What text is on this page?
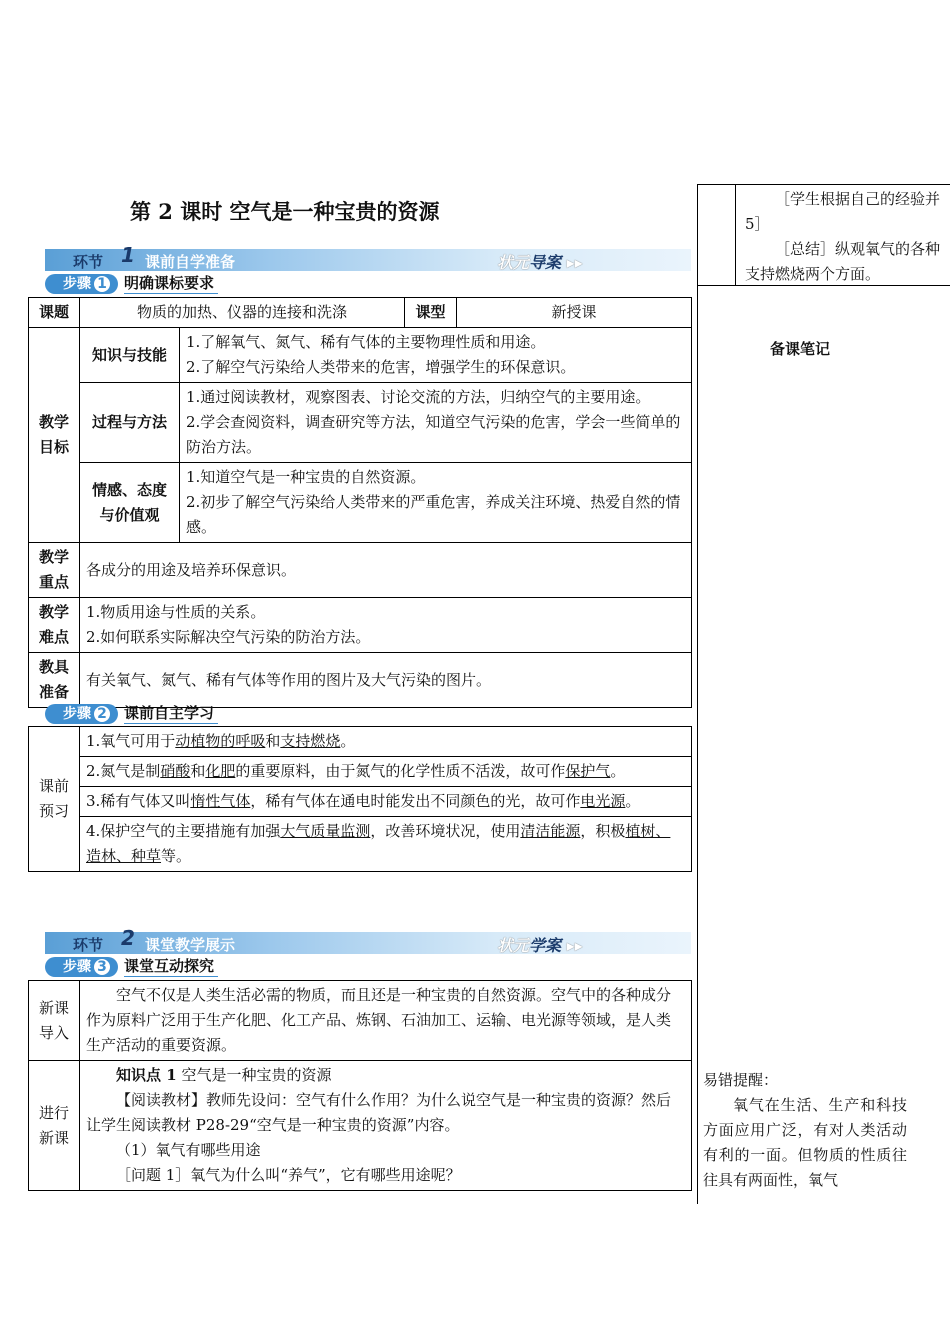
第 2 课时 空气是一种宝贵的资源
环节 1 课前自学准备	状元导案 ▸▸
步骤 1 明确课标要求
课题	物质的加热、仪器的连接和洗涤		课型	新授课
教学目标	知识与技能	1.了解氧气、氮气、稀有气体的主要物理性质和用途。
2.了解空气污染给人类带来的危害，增强学生的环保意识。		

	过程与方法	1.通过阅读教材，观察图表、讨论交流的方法，归纳空气的主要用途。
2.学会查阅资料，调查研究等方法，知道空气污染的危害，学会一些简单的防治方法。		

	情感、态度与价值观	1.知道空气是一种宝贵的自然资源。
2.初步了解空气污染给人类带来的严重危害，养成关注环境、热爱自然的情感。		

教学重点	各成分的用途及培养环保意识。			
教学难点	1.物质用途与性质的关系。
2.如何联系实际解决空气污染的防治方法。			

教具准备	有关氧气、氮气、稀有气体等作用的图片及大气污染的图片。			
步骤 2 课前自主学习
课前预习	1.氧气可用于动植物的呼吸和支持燃烧。
2.氮气是制硝酸和化肥的重要原料，由于氮气的化学性质不活泼，故可作保护气。
3.稀有气体又叫惰性气体，稀有气体在通电时能发出不同颜色的光，故可作电光源。
4.保护空气的主要措施有加强大气质量监测，改善环境状况，使用清洁能源，积极植树、造林、种草等。
环节 2 课堂教学展示	状元学案 ▸▸
步骤 3 课堂互动探究
新课导入	空气不仅是人类生活必需的物质，而且还是一种宝贵的自然资源。空气中的各种成分作为原料广泛用于生产化肥、化工产品、炼钢、石油加工、运输、电光源等领域，是人类生产活动的重要资源。
进行新课	知识点 1 空气是一种宝贵的资源
【阅读教材】教师先设问：空气有什么作用？为什么说空气是一种宝贵的资源？然后让学生阅读教材 P28-29“空气是一种宝贵的资源”内容。
（1）氧气有哪些用途
［问题 1］氧气为什么叫“养气”，它有哪些用途呢？
［学生根据自己的经验并
5］
［总结］纵观氧气的各种
支持燃烧两个方面。
备课笔记
易错提醒：
氧气在生活、生产和科技方面应用广泛，有对人类活动有利的一面。但物质的性质往往具有两面性，氧气
